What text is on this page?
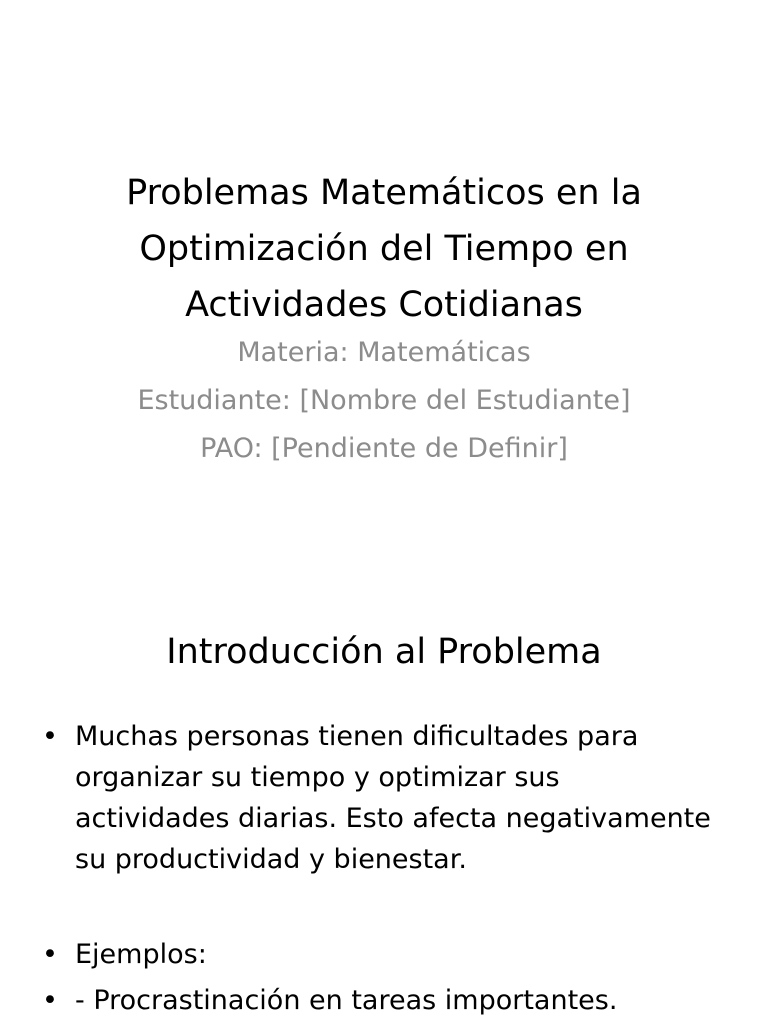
Problemas Matemáticos en la Optimización del Tiempo en Actividades Cotidianas
Materia: Matemáticas
Estudiante: [Nombre del Estudiante]
PAO: [Pendiente de Definir]
Introducción al Problema
• Muchas personas tienen dificultades para organizar su tiempo y optimizar sus actividades diarias. Esto afecta negativamente su productividad y bienestar.
• Ejemplos:
• - Procrastinación en tareas importantes.
